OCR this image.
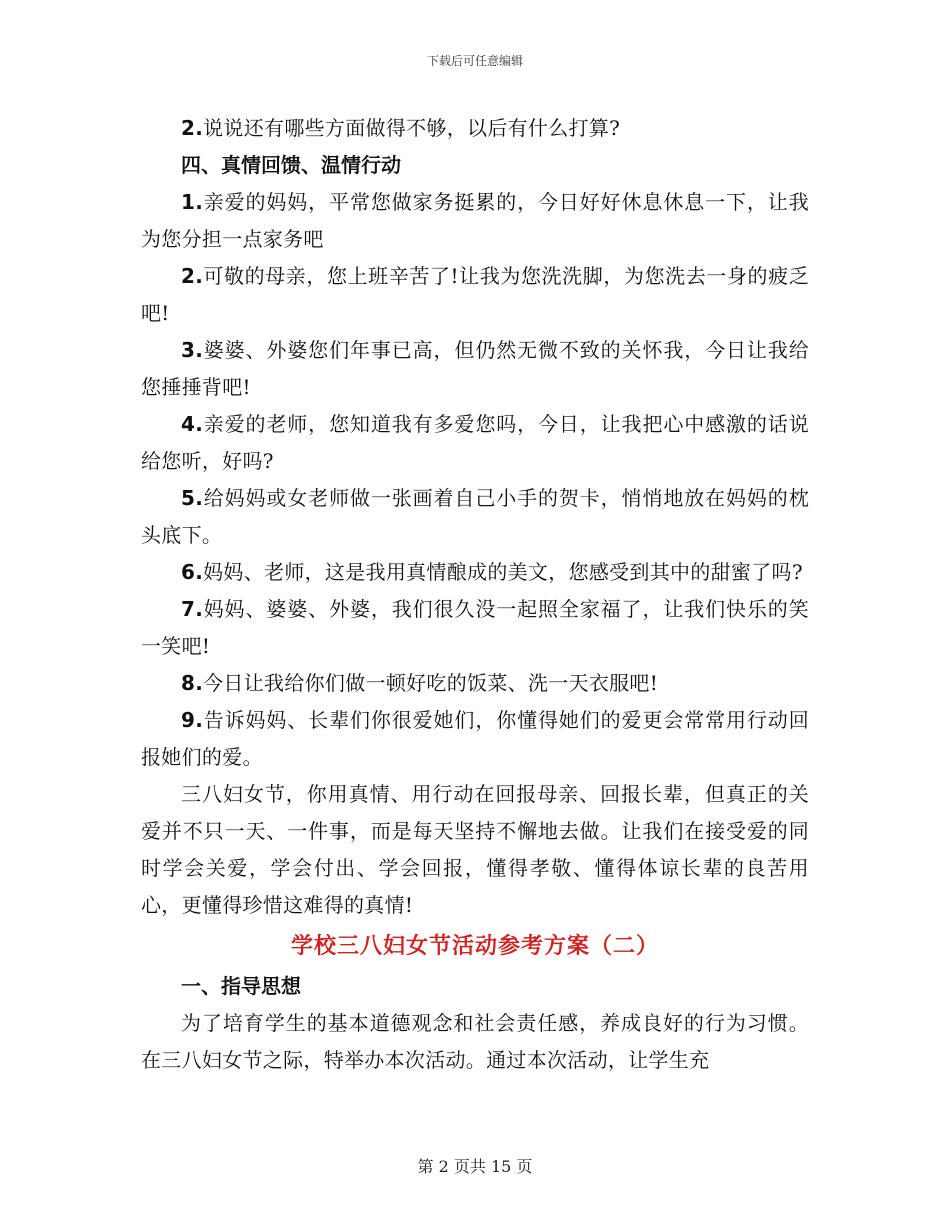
下载后可任意编辑

2.说说还有哪些方面做得不够，以后有什么打算?

四、真情回馈、温情行动

1.亲爱的妈妈，平常您做家务挺累的，今日好好休息休息一下，让我为您分担一点家务吧

2.可敬的母亲，您上班辛苦了!让我为您洗洗脚，为您洗去一身的疲乏吧!

3.婆婆、外婆您们年事已高，但仍然无微不致的关怀我，今日让我给您捶捶背吧!

4.亲爱的老师，您知道我有多爱您吗，今日，让我把心中感激的话说给您听，好吗?

5.给妈妈或女老师做一张画着自己小手的贺卡，悄悄地放在妈妈的枕头底下。

6.妈妈、老师，这是我用真情酿成的美文，您感受到其中的甜蜜了吗?

7.妈妈、婆婆、外婆，我们很久没一起照全家福了，让我们快乐的笑一笑吧!

8.今日让我给你们做一顿好吃的饭菜、洗一天衣服吧!

9.告诉妈妈、长辈们你很爱她们，你懂得她们的爱更会常常用行动回报她们的爱。

三八妇女节，你用真情、用行动在回报母亲、回报长辈，但真正的关爱并不只一天、一件事，而是每天坚持不懈地去做。让我们在接受爱的同时学会关爱，学会付出、学会回报，懂得孝敬、懂得体谅长辈的良苦用心，更懂得珍惜这难得的真情!

学校三八妇女节活动参考方案（二）

一、指导思想

为了培育学生的基本道德观念和社会责任感，养成良好的行为习惯。在三八妇女节之际，特举办本次活动。通过本次活动，让学生充

第 2 页共 15 页
